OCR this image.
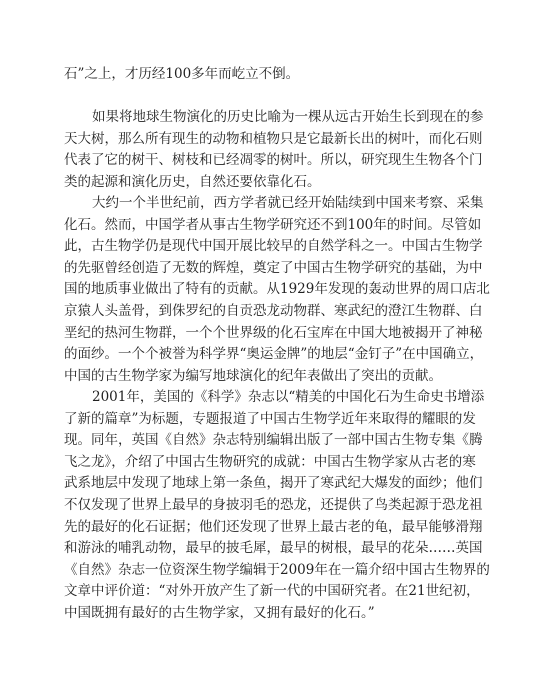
石”之上，才历经100多年而屹立不倒。
如果将地球生物演化的历史比喻为一棵从远古开始生长到现在的参
天大树，那么所有现生的动物和植物只是它最新长出的树叶，而化石则
代表了它的树干、树枝和已经凋零的树叶。所以，研究现生生物各个门
类的起源和演化历史，自然还要依靠化石。
大约一个半世纪前，西方学者就已经开始陆续到中国来考察、采集
化石。然而，中国学者从事古生物学研究还不到100年的时间。尽管如
此，古生物学仍是现代中国开展比较早的自然学科之一。中国古生物学
的先驱曾经创造了无数的辉煌，奠定了中国古生物学研究的基础，为中
国的地质事业做出了特有的贡献。从1929年发现的轰动世界的周口店北
京猿人头盖骨，到侏罗纪的自贡恐龙动物群、寒武纪的澄江生物群、白
垩纪的热河生物群，一个个世界级的化石宝库在中国大地被揭开了神秘
的面纱。一个个被誉为科学界“奥运金牌”的地层“金钉子”在中国确立，
中国的古生物学家为编写地球演化的纪年表做出了突出的贡献。
2001年，美国的《科学》杂志以“精美的中国化石为生命史书增添
了新的篇章”为标题，专题报道了中国古生物学近年来取得的耀眼的发
现。同年，英国《自然》杂志特别编辑出版了一部中国古生物专集《腾
飞之龙》，介绍了中国古生物研究的成就：中国古生物学家从古老的寒
武系地层中发现了地球上第一条鱼，揭开了寒武纪大爆发的面纱；他们
不仅发现了世界上最早的身披羽毛的恐龙，还提供了鸟类起源于恐龙祖
先的最好的化石证据；他们还发现了世界上最古老的龟，最早能够滑翔
和游泳的哺乳动物，最早的披毛犀，最早的树根，最早的花朵……英国
《自然》杂志一位资深生物学编辑于2009年在一篇介绍中国古生物界的
文章中评价道：“对外开放产生了新一代的中国研究者。在21世纪初，
中国既拥有最好的古生物学家，又拥有最好的化石。”
